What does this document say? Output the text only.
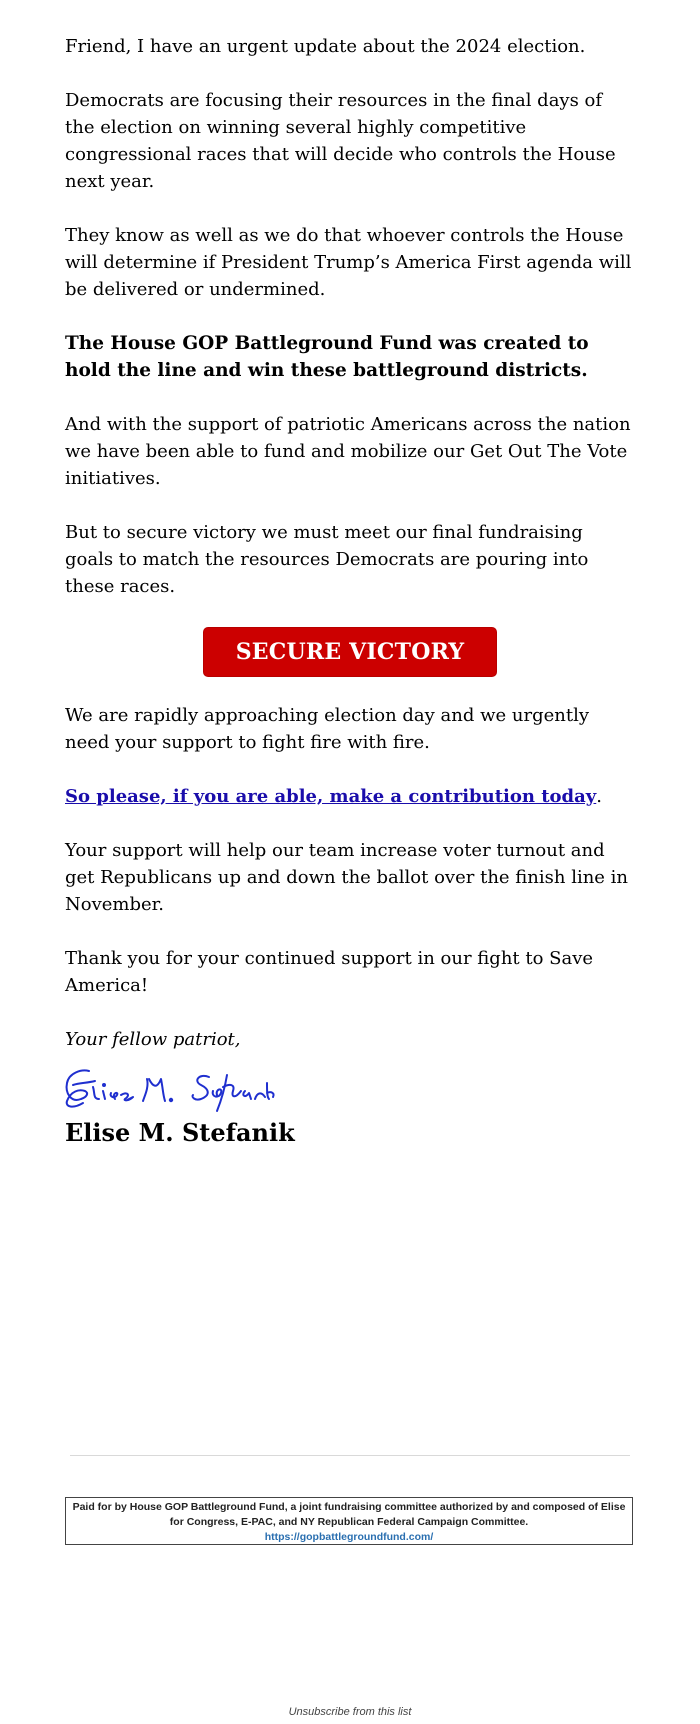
Friend, I have an urgent update about the 2024 election.

Democrats are focusing their resources in the final days of the election on winning several highly competitive congressional races that will decide who controls the House next year.

They know as well as we do that whoever controls the House will determine if President Trump’s America First agenda will be delivered or undermined.

The House GOP Battleground Fund was created to hold the line and win these battleground districts.

And with the support of patriotic Americans across the nation we have been able to fund and mobilize our Get Out The Vote initiatives.

But to secure victory we must meet our final fundraising goals to match the resources Democrats are pouring into these races.

SECURE VICTORY

We are rapidly approaching election day and we urgently need your support to fight fire with fire.

So please, if you are able, make a contribution today.

Your support will help our team increase voter turnout and get Republicans up and down the ballot over the finish line in November.

Thank you for your continued support in our fight to Save America!

Your fellow patriot,
Elise M. Stefanik
Paid for by House GOP Battleground Fund, a joint fundraising committee authorized by and composed of Elise for Congress, E-PAC, and NY Republican Federal Campaign Committee.
https://gopbattlegroundfund.com/
Unsubscribe from this list
